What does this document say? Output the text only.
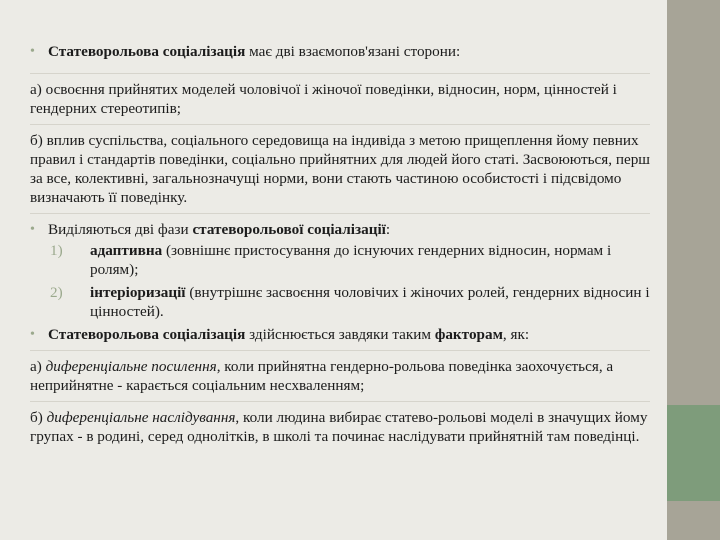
• Статеворольова соціалізація має дві взаємопов'язані сторони:

а) освоєння прийнятих моделей чоловічої і жіночої поведінки, відносин, норм, цінностей і гендерних стереотипів;

б) вплив суспільства, соціального середовища на індивіда з метою прищеплення йому певних правил і стандартів поведінки, соціально прийнятних для людей його статі. Засвоюються, перш за все, колективні, загальнозначущі норми, вони стають частиною особистості і підсвідомо визначають її поведінку.

• Виділяються дві фази статеворольової соціалізації:
1) адаптивна (зовнішнє пристосування до існуючих гендерних відносин, нормам і ролям);
2) інтеріоризації (внутрішнє засвоєння чоловічих і жіночих ролей, гендерних відносин і цінностей).
• Статеворольова соціалізація здійснюється завдяки таким факторам, як:

а) диференціальне посилення, коли прийнятна гендерно-рольова поведінка заохочується, а неприйнятне - карається соціальним несхваленням;

б) диференціальне наслідування, коли людина вибирає статево-рольові моделі в значущих йому групах - в родині, серед однолітків, в школі та починає наслідувати прийнятній там поведінці.
